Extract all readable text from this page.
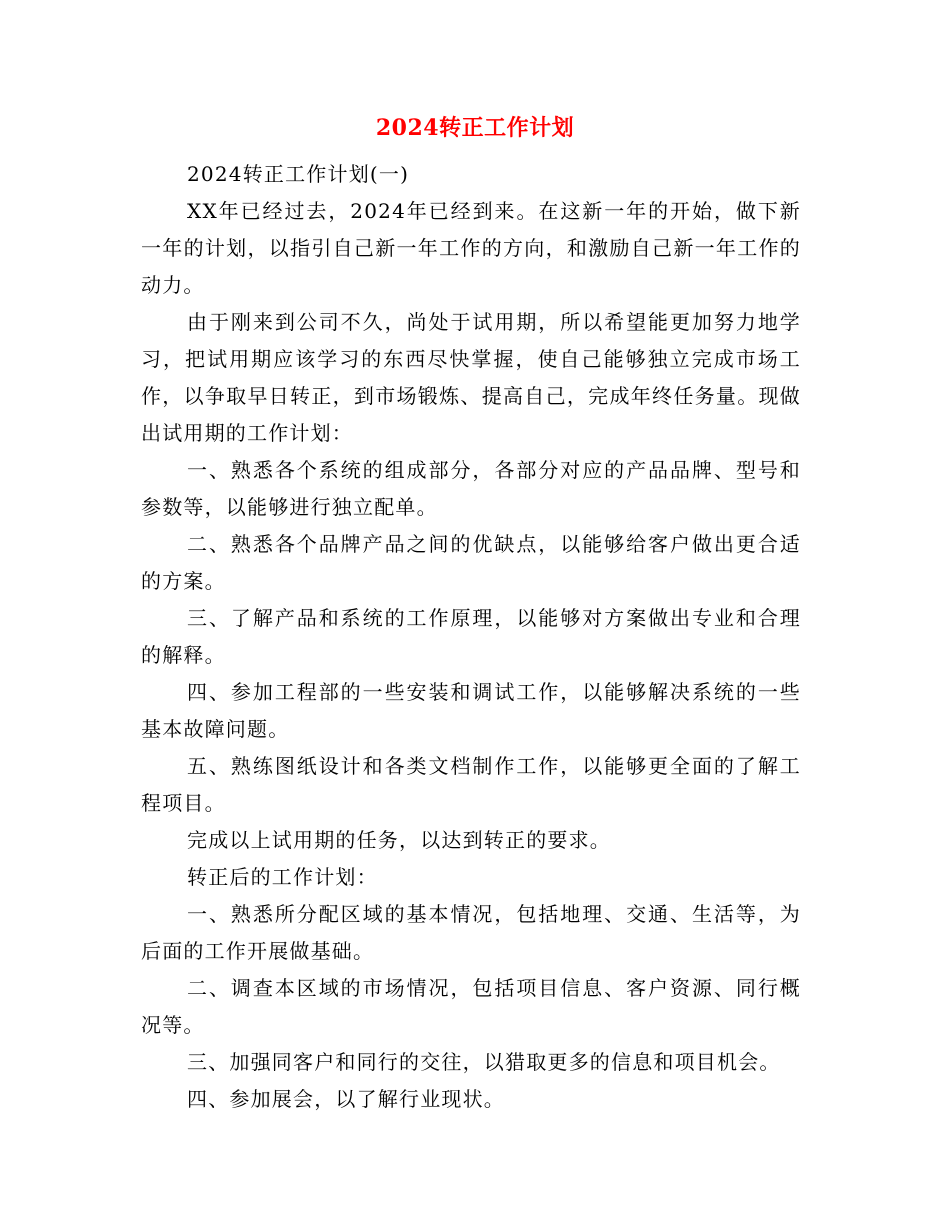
2024转正工作计划

2024转正工作计划(一)

XX年已经过去，2024年已经到来。在这新一年的开始，做下新一年的计划，以指引自己新一年工作的方向，和激励自己新一年工作的动力。

由于刚来到公司不久，尚处于试用期，所以希望能更加努力地学习，把试用期应该学习的东西尽快掌握，使自己能够独立完成市场工作，以争取早日转正，到市场锻炼、提高自己，完成年终任务量。现做出试用期的工作计划：

一、熟悉各个系统的组成部分，各部分对应的产品品牌、型号和参数等，以能够进行独立配单。

二、熟悉各个品牌产品之间的优缺点，以能够给客户做出更合适的方案。

三、了解产品和系统的工作原理，以能够对方案做出专业和合理的解释。

四、参加工程部的一些安装和调试工作，以能够解决系统的一些基本故障问题。

五、熟练图纸设计和各类文档制作工作，以能够更全面的了解工程项目。

完成以上试用期的任务，以达到转正的要求。

转正后的工作计划：

一、熟悉所分配区域的基本情况，包括地理、交通、生活等，为后面的工作开展做基础。

二、调查本区域的市场情况，包括项目信息、客户资源、同行概况等。

三、加强同客户和同行的交往，以猎取更多的信息和项目机会。

四、参加展会，以了解行业现状。
